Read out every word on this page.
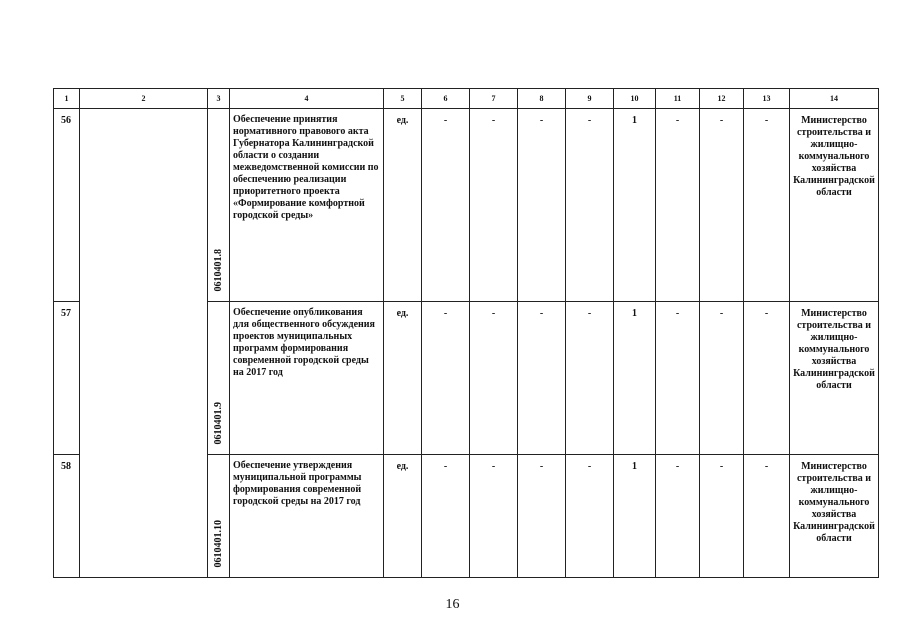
1	2	3	4	5	6	7	8	9	10	11	12	13	14
56		0610401.8	Обеспечение принятия нормативного правового акта Губернатора Калининградской области о создании межведомственной комиссии по обеспечению реализации приоритетного проекта «Формирование комфортной городской среды»	ед.	-	-	-	-	1	-	-	-	Министерство строительства и жилищно-коммунального хозяйства Калининградской области
57		0610401.9	Обеспечение опубликования для общественного обсуждения проектов муниципальных программ формирования современной городской среды на 2017 год	ед.	-	-	-	-	1	-	-	-	Министерство строительства и жилищно-коммунального хозяйства Калининградской области
58		0610401.10	Обеспечение утверждения муниципальной программы формирования современной городской среды на 2017 год	ед.	-	-	-	-	1	-	-	-	Министерство строительства и жилищно-коммунального хозяйства Калининградской области
16
